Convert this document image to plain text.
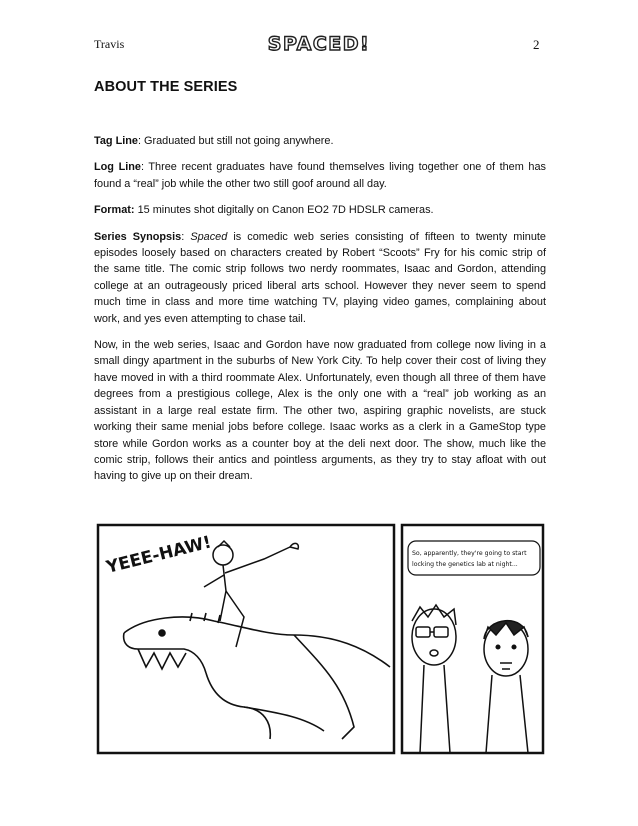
Travis	SPACED!	2
ABOUT THE SERIES

Tag Line: Graduated but still not going anywhere.

Log Line: Three recent graduates have found themselves living together one of them has found a “real” job while the other two still goof around all day.

Format: 15 minutes shot digitally on Canon EO2 7D HDSLR cameras.

Series Synopsis: Spaced is comedic web series consisting of fifteen to twenty minute episodes loosely based on characters created by Robert “Scoots” Fry for his comic strip of the same title. The comic strip follows two nerdy roommates, Isaac and Gordon, attending college at an outrageously priced liberal arts school. However they never seem to spend much time in class and more time watching TV, playing video games, complaining about work, and yes even attempting to chase tail.

Now, in the web series, Isaac and Gordon have now graduated from college now living in a small dingy apartment in the suburbs of New York City. To help cover their cost of living they have moved in with a third roommate Alex. Unfortunately, even though all three of them have degrees from a prestigious college, Alex is the only one with a “real” job working as an assistant in a large real estate firm. The other two, aspiring graphic novelists, are stuck working their same menial jobs before college. Isaac works as a clerk in a GameStop type store while Gordon works as a counter boy at the deli next door. The show, much like the comic strip, follows their antics and pointless arguments, as they try to stay afloat with out having to give up on their dream.

YEEE-HAW!	So, apparently, they're going to start
locking the genetics lab at night...
